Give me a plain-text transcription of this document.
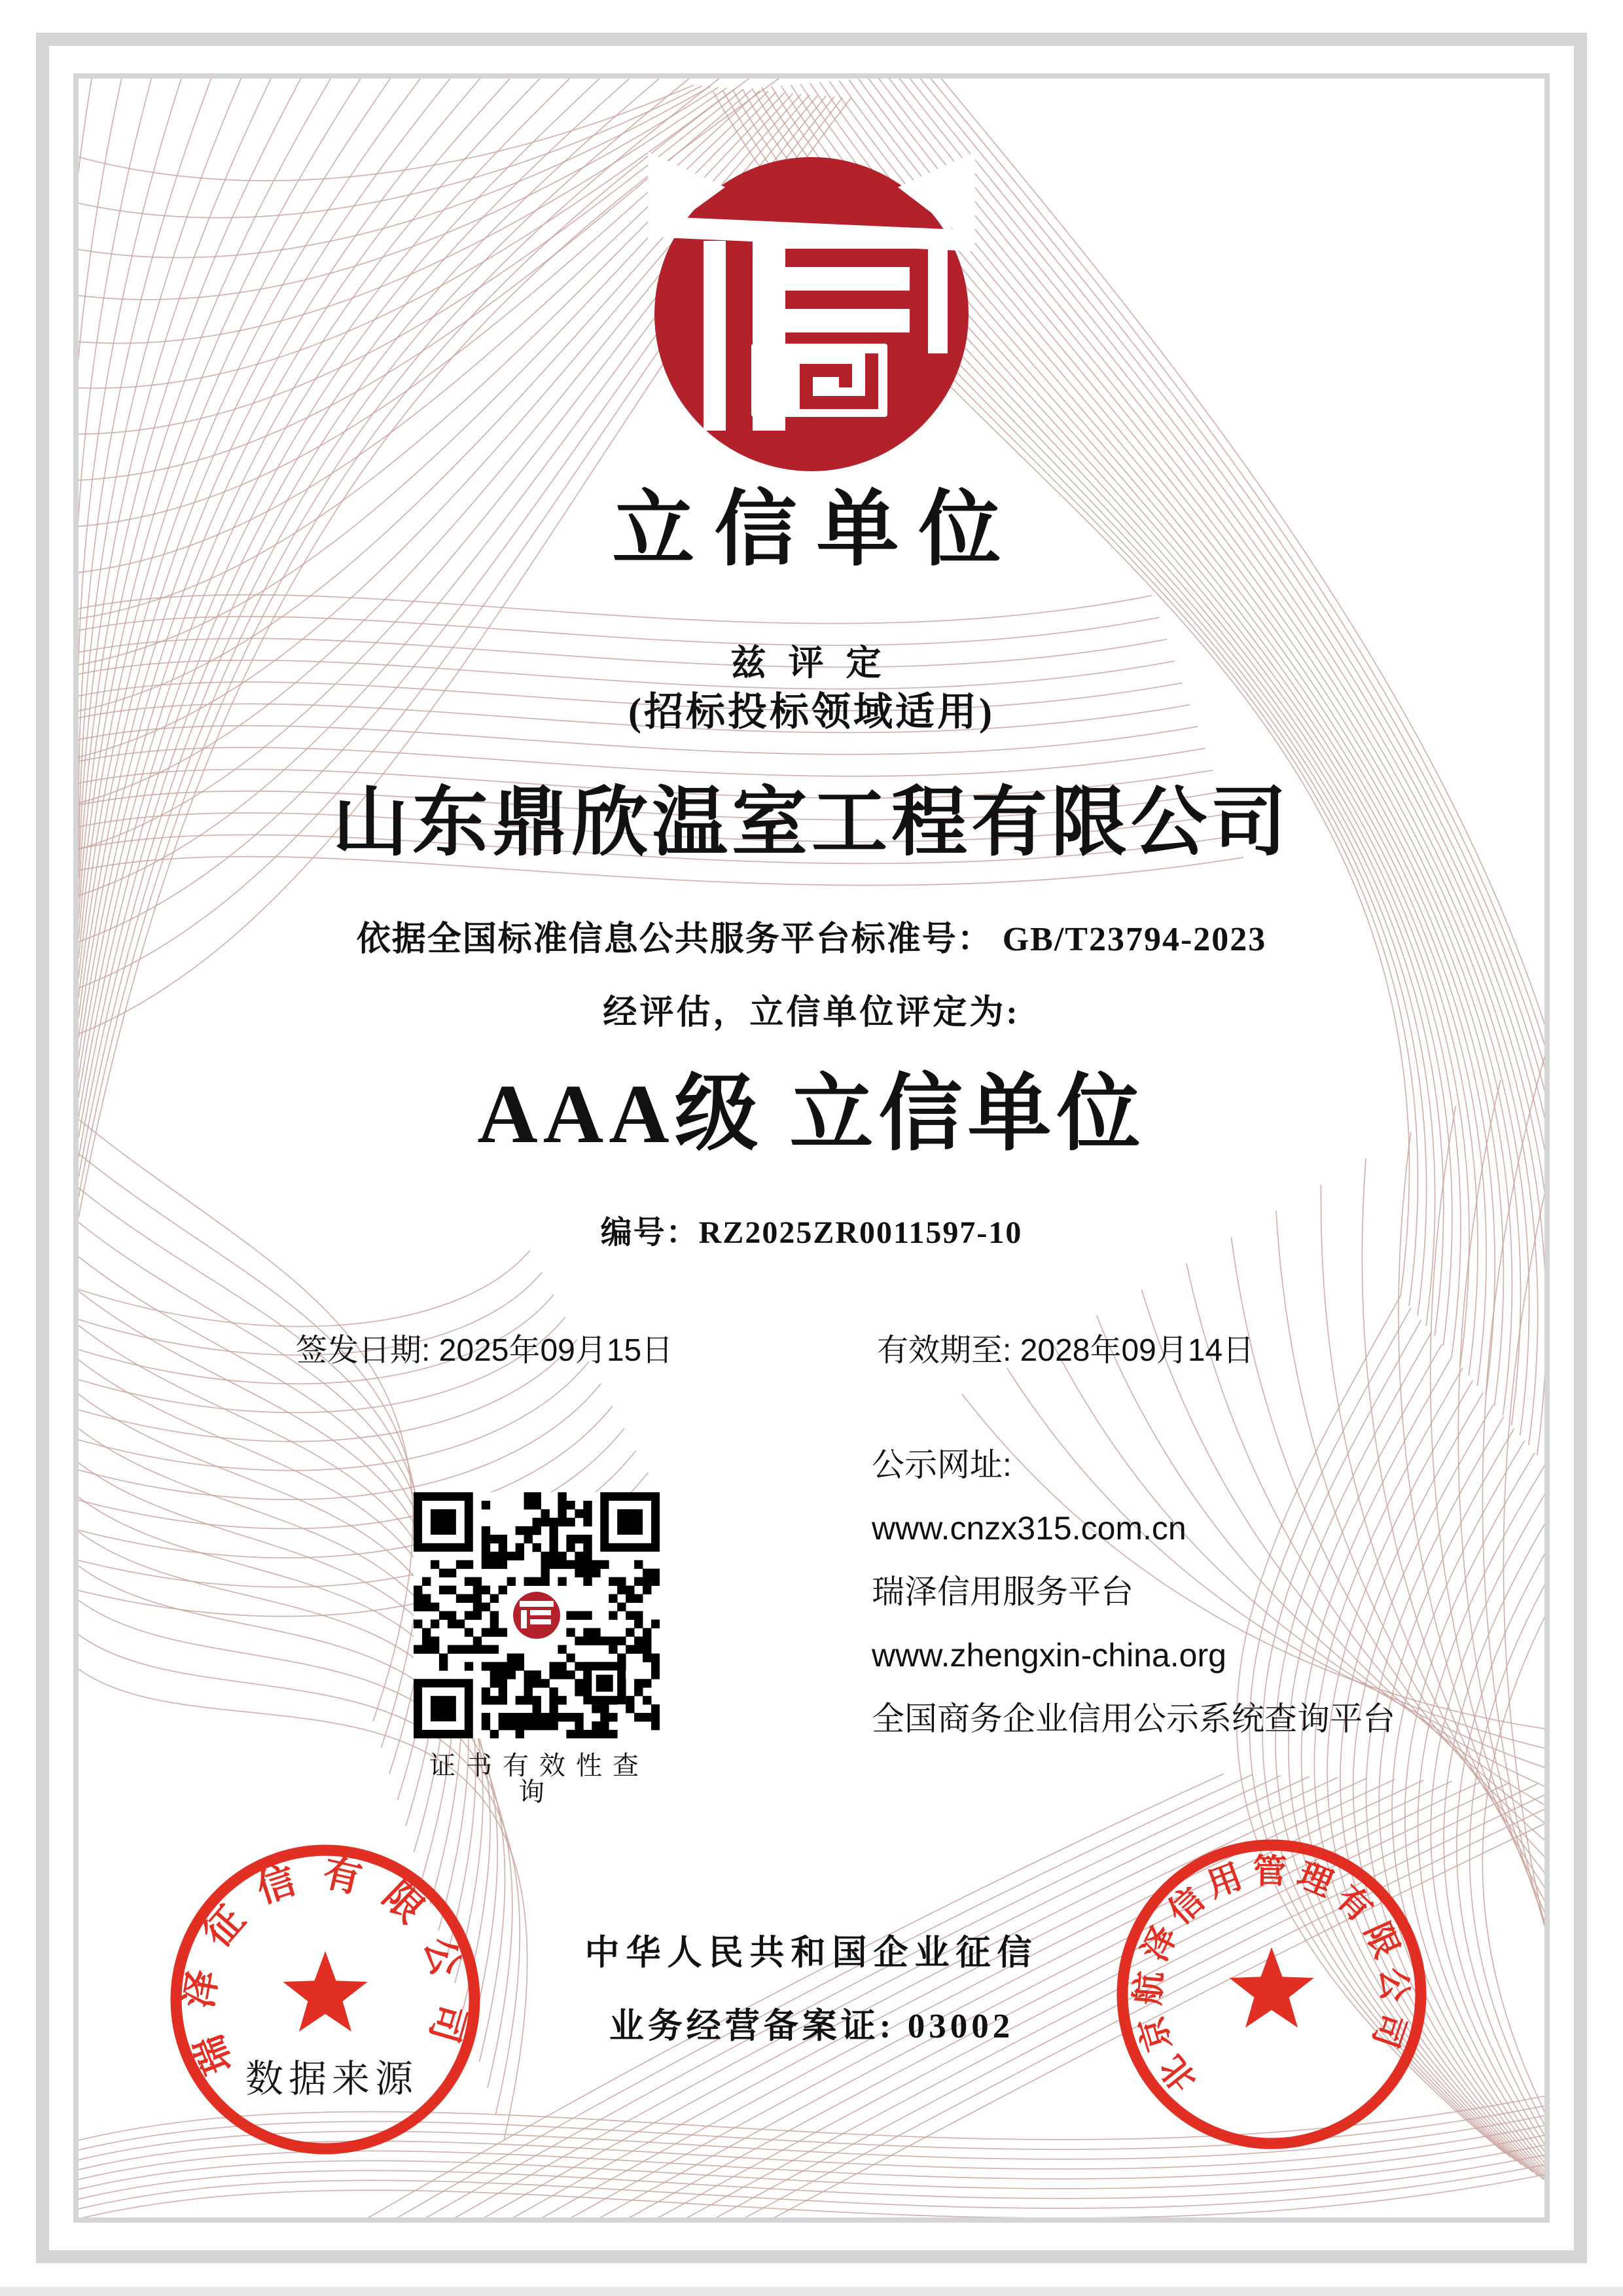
立信单位
兹评定
(招标投标领域适用)
山东鼎欣温室工程有限公司
依据全国标准信息公共服务平台标准号： GB/T23794-2023
经评估，立信单位评定为:
AAA级 立信单位
编号：RZ2025ZR0011597-10
签发日期: 2025年09月15日	有效期至: 2028年09月14日
证书有效性查询
公示网址:
www.cnzx315.com.cn
瑞泽信用服务平台
www.zhengxin-china.org
全国商务企业信用公示系统查询平台
中华人民共和国企业征信
业务经营备案证: 03002
瑞泽征信有限公司
北京航泽信用管理有限公司
数据来源
